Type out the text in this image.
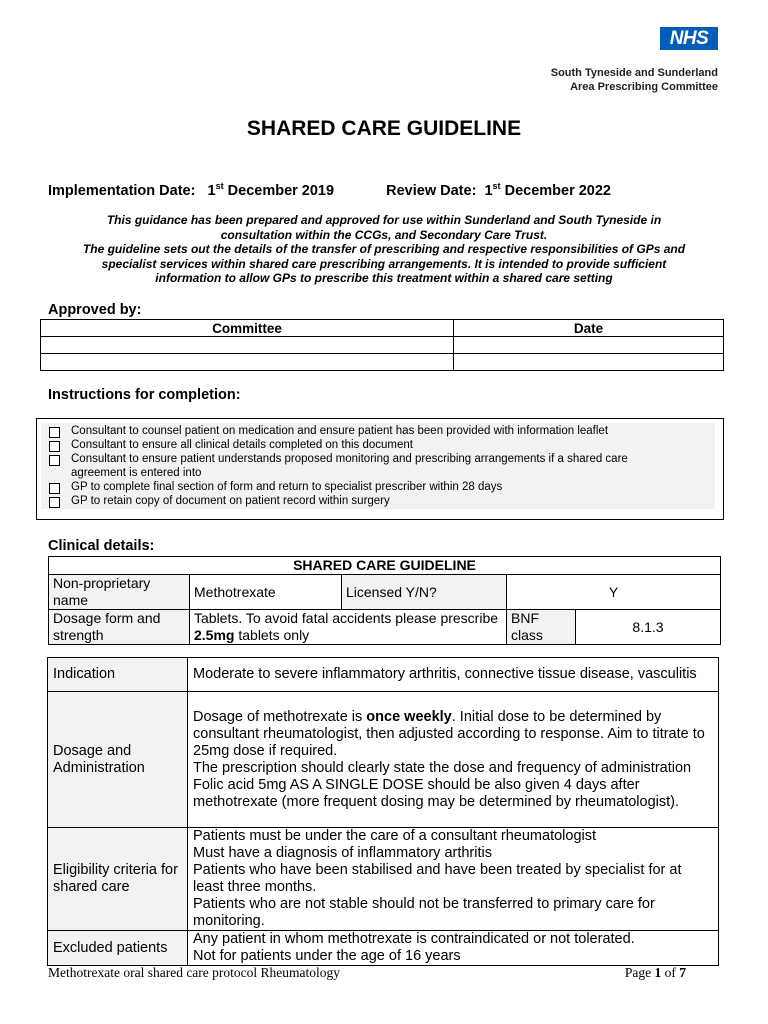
NHS
South Tyneside and Sunderland
Area Prescribing Committee
SHARED CARE GUIDELINE
Implementation Date: 1st December 2019	Review Date: 1st December 2022
This guidance has been prepared and approved for use within Sunderland and South Tyneside in
consultation within the CCGs, and Secondary Care Trust.
The guideline sets out the details of the transfer of prescribing and respective responsibilities of GPs and
specialist services within shared care prescribing arrangements. It is intended to provide sufficient
information to allow GPs to prescribe this treatment within a shared care setting
Approved by:
Committee	Date

Instructions for completion:
Consultant to counsel patient on medication and ensure patient has been provided with information leaflet
Consultant to ensure all clinical details completed on this document
Consultant to ensure patient understands proposed monitoring and prescribing arrangements if a shared care agreement is entered into
GP to complete final section of form and return to specialist prescriber within 28 days
GP to retain copy of document on patient record within surgery
Clinical details:
SHARED CARE GUIDELINE				
Non-proprietary name	Methotrexate	Licensed Y/N?	Y	
Dosage form and strength	Tablets. To avoid fatal accidents please prescribe 2.5mg tablets only		BNF class	8.1.3
Indication	Moderate to severe inflammatory arthritis, connective tissue disease, vasculitis
Dosage and Administration	Dosage of methotrexate is once weekly. Initial dose to be determined by consultant rheumatologist, then adjusted according to response. Aim to titrate to 25mg dose if required.

The prescription should clearly state the dose and frequency of administration

Folic acid 5mg AS A SINGLE DOSE should be also given 4 days after methotrexate (more frequent dosing may be determined by rheumatologist).

Eligibility criteria for shared care	Patients must be under the care of a consultant rheumatologist

Must have a diagnosis of inflammatory arthritis

Patients who have been stabilised and have been treated by specialist for at least three months.

Patients who are not stable should not be transferred to primary care for monitoring.

Excluded patients	Any patient in whom methotrexate is contraindicated or not tolerated.

Not for patients under the age of 16 years

Methotrexate oral shared care protocol Rheumatology	Page 1 of 7
